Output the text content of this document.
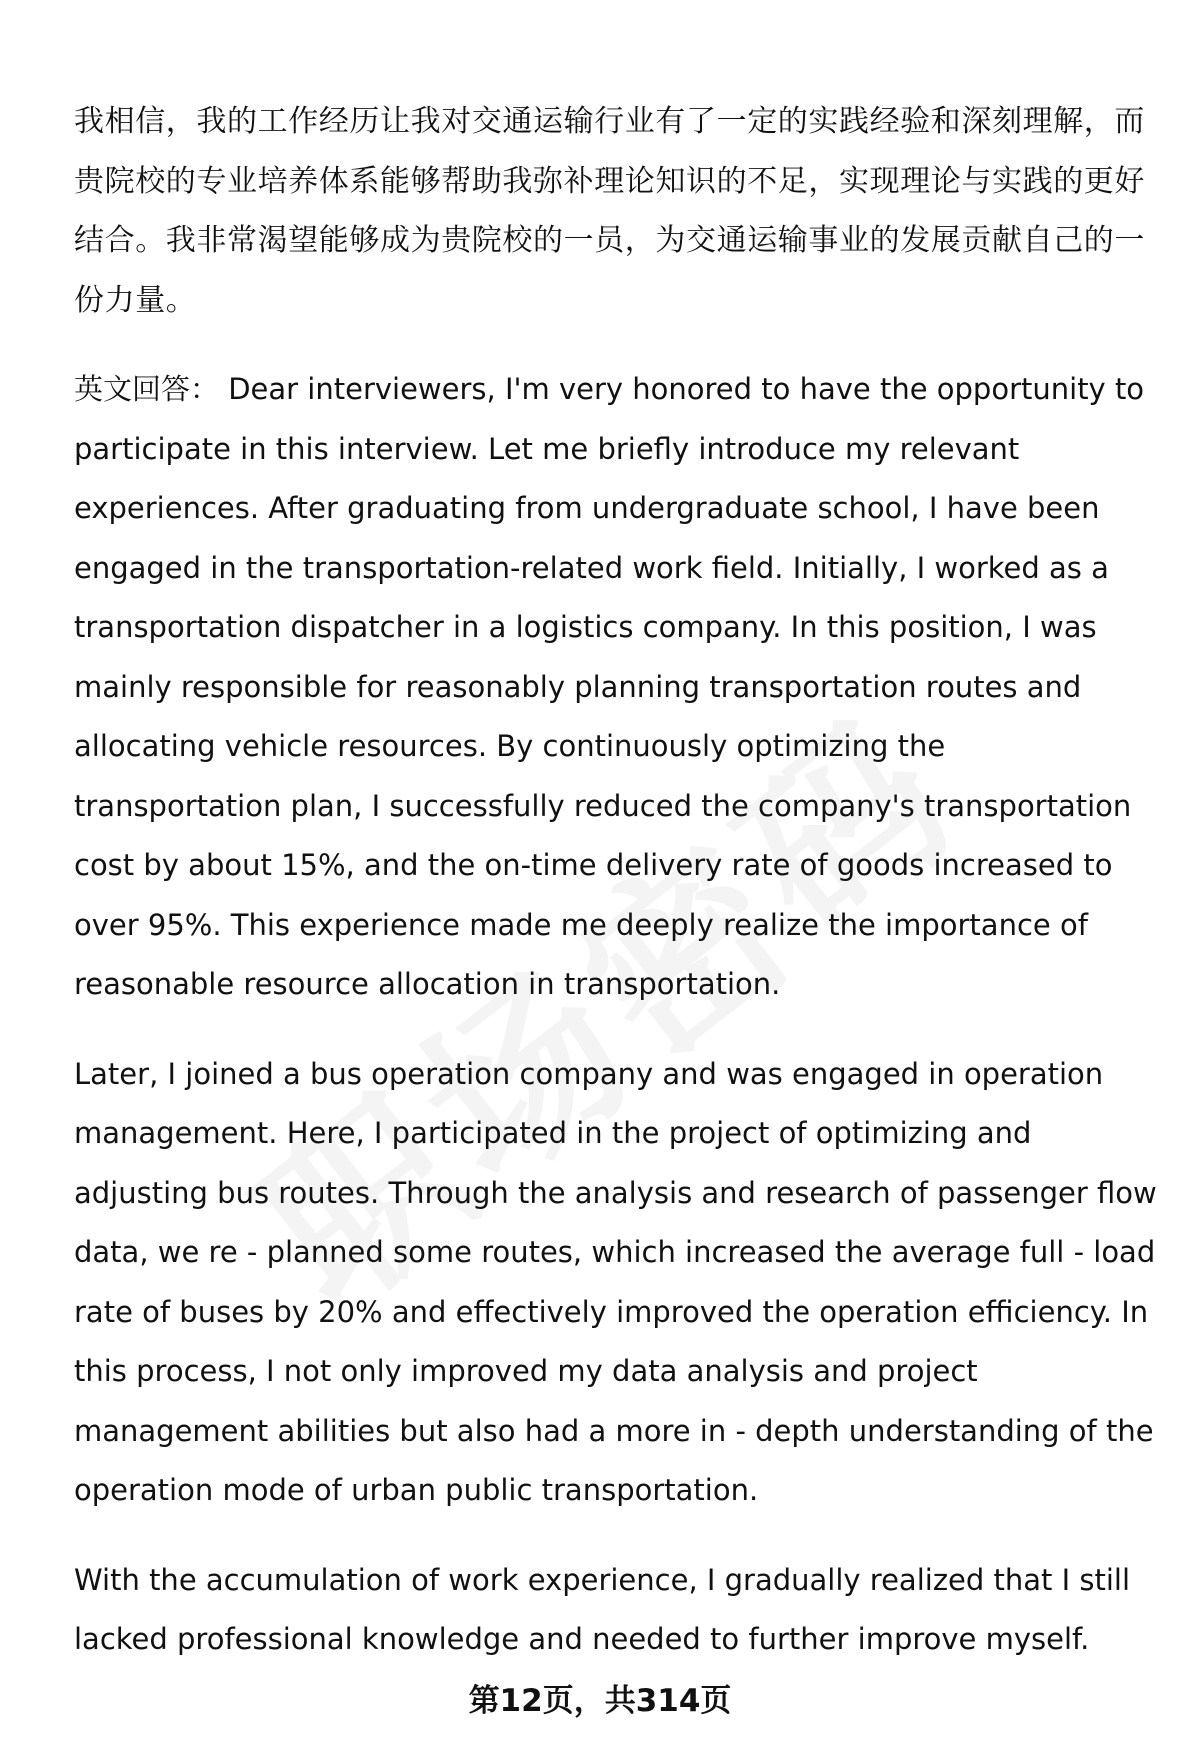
我相信，我的工作经历让我对交通运输行业有了一定的实践经验和深刻理解，而贵院校的专业培养体系能够帮助我弥补理论知识的不足，实现理论与实践的更好结合。我非常渴望能够成为贵院校的一员，为交通运输事业的发展贡献自己的一份力量。

英文回答： Dear interviewers, I'm very honored to have the opportunity to participate in this interview. Let me briefly introduce my relevant experiences. After graduating from undergraduate school, I have been engaged in the transportation-related work field. Initially, I worked as a transportation dispatcher in a logistics company. In this position, I was mainly responsible for reasonably planning transportation routes and allocating vehicle resources. By continuously optimizing the transportation plan, I successfully reduced the company's transportation cost by about 15%, and the on-time delivery rate of goods increased to over 95%. This experience made me deeply realize the importance of reasonable resource allocation in transportation.

Later, I joined a bus operation company and was engaged in operation management. Here, I participated in the project of optimizing and adjusting bus routes. Through the analysis and research of passenger flow data, we re - planned some routes, which increased the average full - load rate of buses by 20% and effectively improved the operation efficiency. In this process, I not only improved my data analysis and project management abilities but also had a more in - depth understanding of the operation mode of urban public transportation.

With the accumulation of work experience, I gradually realized that I still lacked professional knowledge and needed to further improve myself.

第12页，共314页
